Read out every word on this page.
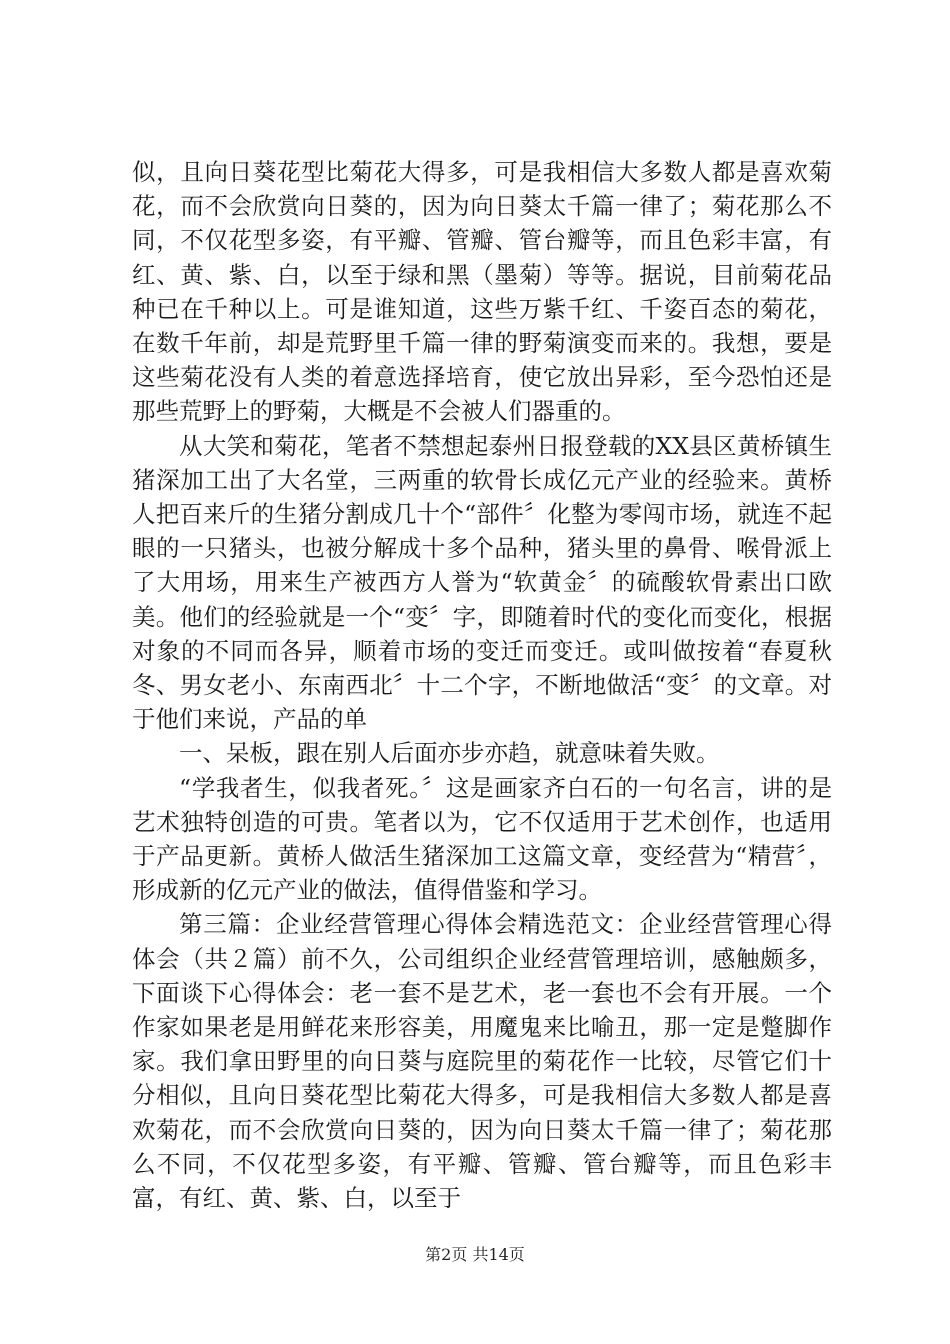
似，且向日葵花型比菊花大得多，可是我相信大多数人都是喜欢菊花，而不会欣赏向日葵的，因为向日葵太千篇一律了；菊花那么不同，不仅花型多姿，有平瓣、管瓣、管台瓣等，而且色彩丰富，有红、黄、紫、白，以至于绿和黑（墨菊）等等。据说，目前菊花品种已在千种以上。可是谁知道，这些万紫千红、千姿百态的菊花，在数千年前，却是荒野里千篇一律的野菊演变而来的。我想，要是这些菊花没有人类的着意选择培育，使它放出异彩，至今恐怕还是那些荒野上的野菊，大概是不会被人们器重的。

从大笑和菊花，笔者不禁想起泰州日报登载的XX县区黄桥镇生猪深加工出了大名堂，三两重的软骨长成亿元产业的经验来。黄桥人把百来斤的生猪分割成几十个“部件〞化整为零闯市场，就连不起眼的一只猪头，也被分解成十多个品种，猪头里的鼻骨、喉骨派上了大用场，用来生产被西方人誉为“软黄金〞的硫酸软骨素出口欧美。他们的经验就是一个“变〞字，即随着时代的变化而变化，根据对象的不同而各异，顺着市场的变迁而变迁。或叫做按着“春夏秋冬、男女老小、东南西北〞十二个字，不断地做活“变〞的文章。对于他们来说，产品的单

一、呆板，跟在别人后面亦步亦趋，就意味着失败。

“学我者生，似我者死。〞这是画家齐白石的一句名言，讲的是艺术独特创造的可贵。笔者以为，它不仅适用于艺术创作，也适用于产品更新。黄桥人做活生猪深加工这篇文章，变经营为“精营〞，形成新的亿元产业的做法，值得借鉴和学习。

第三篇：企业经营管理心得体会精选范文：企业经营管理心得体会（共２篇）前不久，公司组织企业经营管理培训，感触颇多，下面谈下心得体会：老一套不是艺术，老一套也不会有开展。一个作家如果老是用鲜花来形容美，用魔鬼来比喻丑，那一定是蹩脚作家。我们拿田野里的向日葵与庭院里的菊花作一比较，尽管它们十分相似，且向日葵花型比菊花大得多，可是我相信大多数人都是喜欢菊花，而不会欣赏向日葵的，因为向日葵太千篇一律了；菊花那么不同，不仅花型多姿，有平瓣、管瓣、管台瓣等，而且色彩丰富，有红、黄、紫、白，以至于

第2页 共14页
